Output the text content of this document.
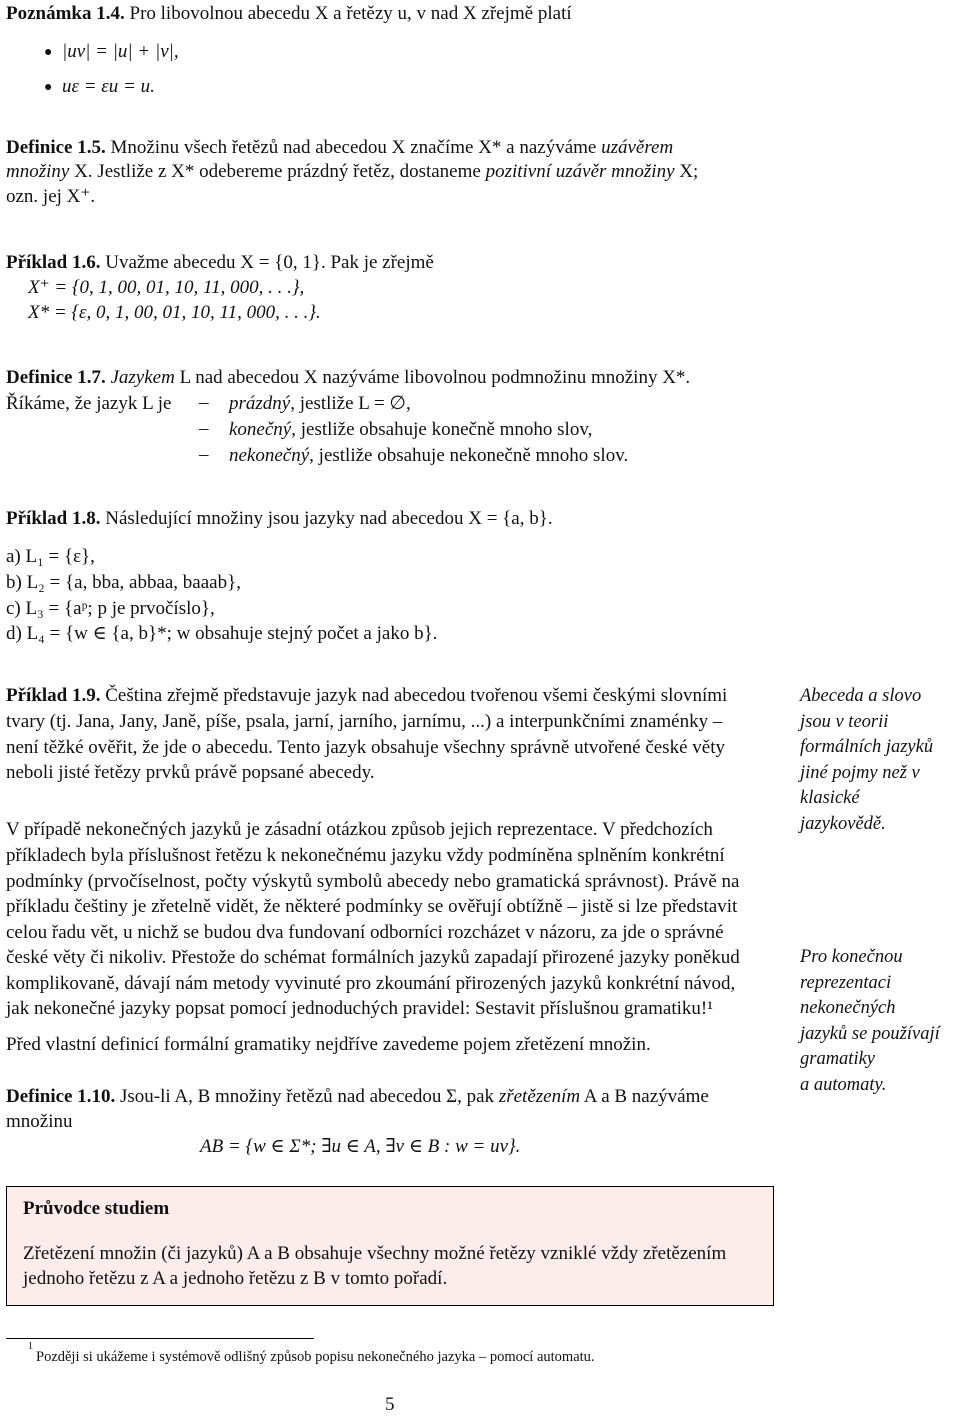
Poznámka 1.4. Pro libovolnou abecedu X a řetězy u, v nad X zřejmě platí
● |uv| = |u| + |v|,
● uε = εu = u.
Definice 1.5. Množinu všech řetězů nad abecedou X značíme X* a nazýváme uzávěrem
množiny X. Jestliže z X* odebereme prázdný řetěz, dostaneme pozitivní uzávěr množiny X;
ozn. jej X⁺.
Příklad 1.6. Uvažme abecedu X = {0, 1}. Pak je zřejmě
X⁺ = {0, 1, 00, 01, 10, 11, 000, . . .},
X* = {ε, 0, 1, 00, 01, 10, 11, 000, . . .}.
Definice 1.7. Jazykem L nad abecedou X nazýváme libovolnou podmnožinu množiny X*.
Říkáme, že jazyk L je – prázdný, jestliže L = ∅,
– konečný, jestliže obsahuje konečně mnoho slov,
– nekonečný, jestliže obsahuje nekonečně mnoho slov.
Příklad 1.8. Následující množiny jsou jazyky nad abecedou X = {a, b}.
a) L₁ = {ε},
b) L₂ = {a, bba, abbaa, baaab},
c) L₃ = {aᵖ; p je prvočíslo},
d) L₄ = {w ∈ {a, b}*; w obsahuje stejný počet a jako b}.
Příklad 1.9. Čeština zřejmě představuje jazyk nad abecedou tvořenou všemi českými slovními
tvary (tj. Jana, Jany, Janě, píše, psala, jarní, jarního, jarnímu, ...) a interpunkčními znaménky –
není těžké ověřit, že jde o abecedu. Tento jazyk obsahuje všechny správně utvořené české věty
neboli jisté řetězy prvků právě popsané abecedy.
V případě nekonečných jazyků je zásadní otázkou způsob jejich reprezentace. V předchozích
příkladech byla příslušnost řetězu k nekonečnému jazyku vždy podmíněna splněním konkrétní
podmínky (prvočíselnost, počty výskytů symbolů abecedy nebo gramatická správnost). Právě na
příkladu češtiny je zřetelně vidět, že některé podmínky se ověřují obtížně – jistě si lze představit
celou řadu vět, u nichž se budou dva fundovaní odborníci rozcházet v názoru, za jde o správné
české věty či nikoliv. Přestože do schémat formálních jazyků zapadají přirozené jazyky poněkud
komplikovaně, dávají nám metody vyvinuté pro zkoumání přirozených jazyků konkrétní návod,
jak nekonečné jazyky popsat pomocí jednoduchých pravidel: Sestavit příslušnou gramatiku!¹
Před vlastní definicí formální gramatiky nejdříve zavedeme pojem zřetězení množin.
Definice 1.10. Jsou-li A, B množiny řetězů nad abecedou Σ, pak zřetězením A a B nazýváme
množinu
AB = {w ∈ Σ*; ∃u ∈ A, ∃v ∈ B : w = uv}.
Abeceda a slovo
jsou v teorii
formálních jazyků
jiné pojmy než v
klasické
jazykovědě.
Pro konečnou
reprezentaci
nekonečných
jazyků se používají
gramatiky
a automaty.
Průvodce studiem
Zřetězení množin (či jazyků) A a B obsahuje všechny možné řetězy vzniklé vždy zřetězením
jednoho řetězu z A a jednoho řetězu z B v tomto pořadí.
$^1$Později si ukážeme i systémově odlišný způsob popisu nekonečného jazyka – pomocí automatu.
5
